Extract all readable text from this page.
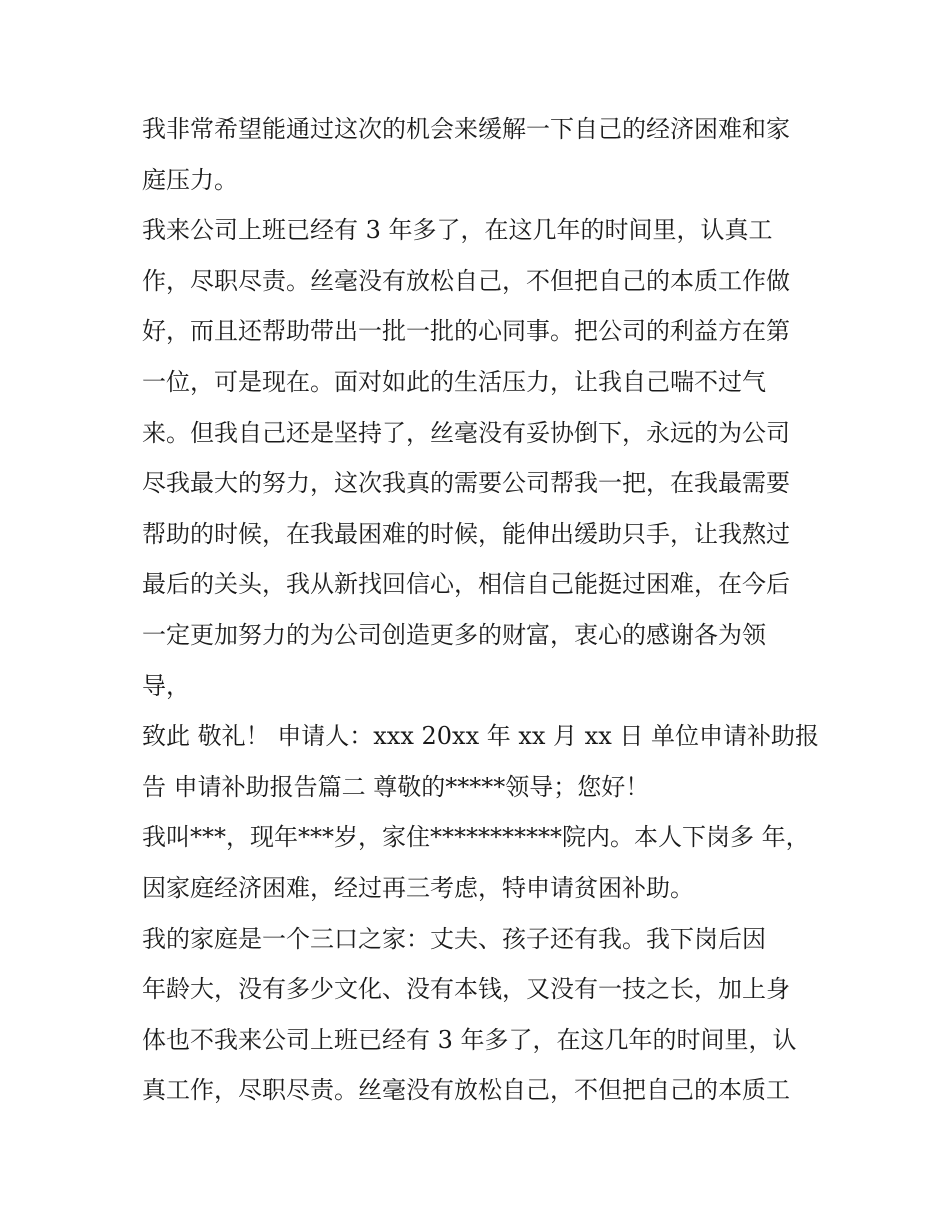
我非常希望能通过这次的机会来缓解一下自己的经济困难和家
庭压力。
我来公司上班已经有 3 年多了，在这几年的时间里，认真工
作，尽职尽责。丝毫没有放松自己，不但把自己的本质工作做
好，而且还帮助带出一批一批的心同事。把公司的利益方在第
一位，可是现在。面对如此的生活压力，让我自己喘不过气
来。但我自己还是坚持了，丝毫没有妥协倒下，永远的为公司
尽我最大的努力，这次我真的需要公司帮我一把，在我最需要
帮助的时候，在我最困难的时候，能伸出缓助只手，让我熬过
最后的关头，我从新找回信心，相信自己能挺过困难，在今后
一定更加努力的为公司创造更多的财富，衷心的感谢各为领
导，
致此 敬礼！ 申请人：xxx 20xx 年 xx 月 xx 日 单位申请补助报
告 申请补助报告篇二 尊敬的*****领导；您好！
我叫***，现年***岁，家住***********院内。本人下岗多 年，
因家庭经济困难，经过再三考虑，特申请贫困补助。
我的家庭是一个三口之家：丈夫、孩子还有我。我下岗后因
年龄大，没有多少文化、没有本钱，又没有一技之长，加上身
体也不我来公司上班已经有 3 年多了，在这几年的时间里，认
真工作，尽职尽责。丝毫没有放松自己，不但把自己的本质工
